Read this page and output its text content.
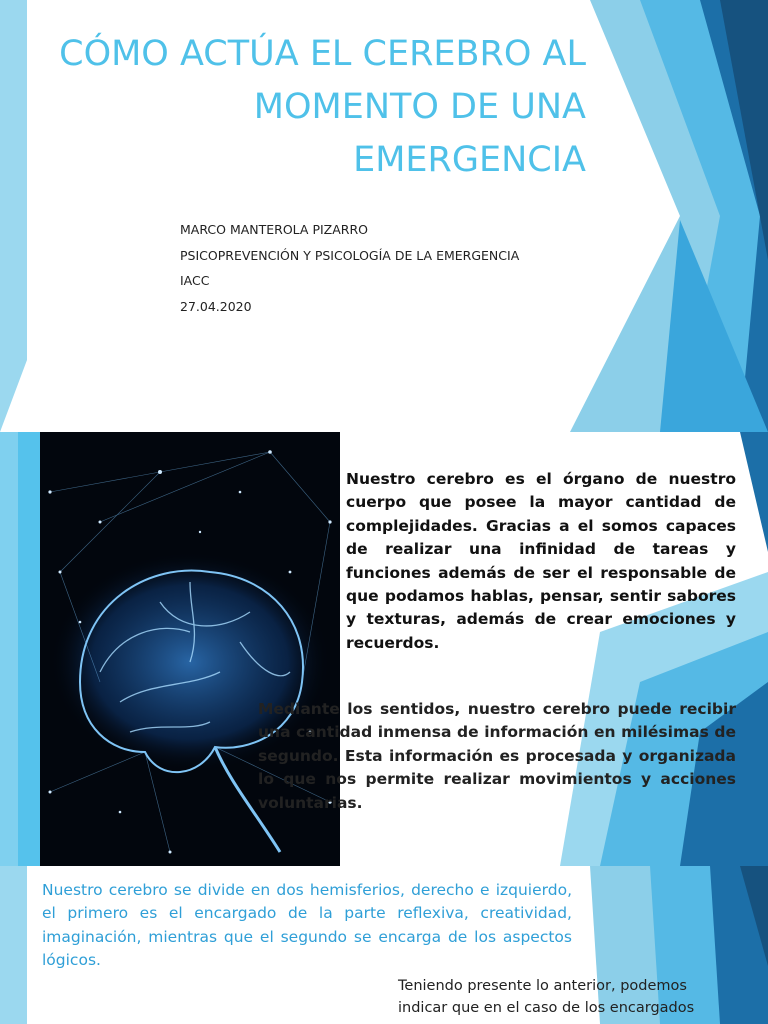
CÓMO ACTÚA EL CEREBRO AL MOMENTO DE UNA EMERGENCIA
MARCO MANTEROLA PIZARRO
PSICOPREVENCIÓN Y PSICOLOGÍA DE LA EMERGENCIA
IACC
27.04.2020

Nuestro cerebro es el órgano de nuestro cuerpo que posee la mayor cantidad de complejidades. Gracias a el somos capaces de realizar una infinidad de tareas y funciones además de ser el responsable de que podamos hablas, pensar, sentir sabores y texturas, además de crear emociones y recuerdos.

Mediante los sentidos, nuestro cerebro puede recibir una cantidad inmensa de información en milésimas de segundo. Esta información es procesada y organizada lo que nos permite realizar movimientos y acciones voluntarias.

Nuestro cerebro se divide en dos hemisferios, derecho e izquierdo, el primero es el encargado de la parte reflexiva, creatividad, imaginación, mientras que el segundo se encarga de los aspectos lógicos.

Teniendo presente lo anterior, podemos indicar que en el caso de los encargados
